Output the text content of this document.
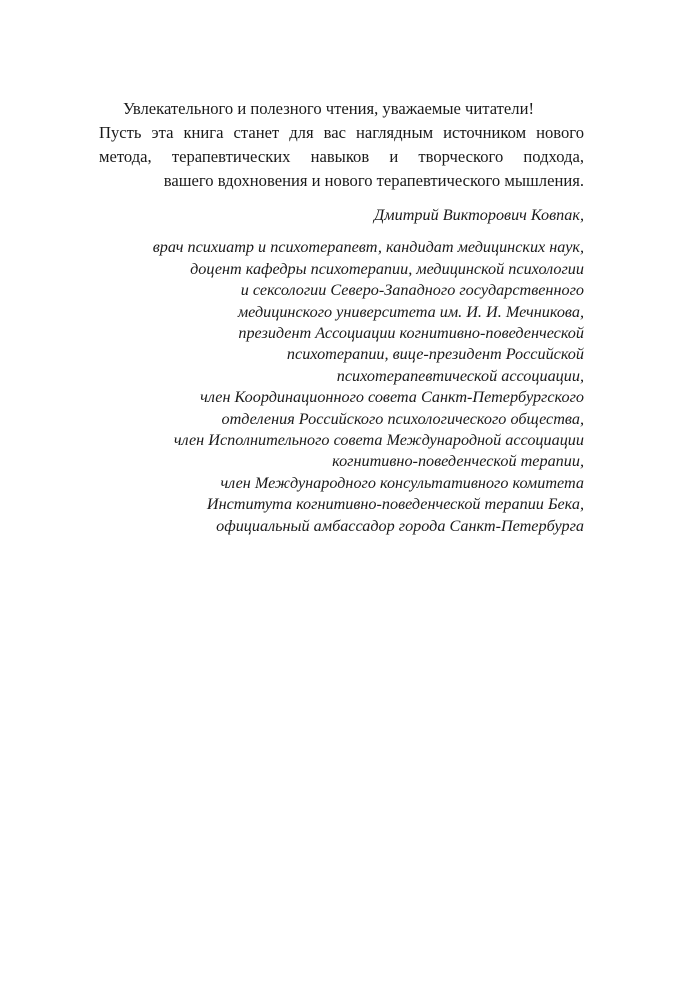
Увлекательного и полезного чтения, уважаемые читатели!
Пусть эта книга станет для вас наглядным источником нового
метода, терапевтических навыков и творческого подхода,
вашего вдохновения и нового терапевтического мышления.

Дмитрий Викторович Ковпак,
врач психиатр и психотерапевт, кандидат медицинских наук,
доцент кафедры психотерапии, медицинской психологии
и сексологии Северо-Западного государственного
медицинского университета им. И. И. Мечникова,
президент Ассоциации когнитивно-поведенческой
психотерапии, вице-президент Российской
психотерапевтической ассоциации,
член Координационного совета Санкт-Петербургского
отделения Российского психологического общества,
член Исполнительного совета Международной ассоциации
когнитивно-поведенческой терапии,
член Международного консультативного комитета
Института когнитивно-поведенческой терапии Бека,
официальный амбассадор города Санкт-Петербурга
